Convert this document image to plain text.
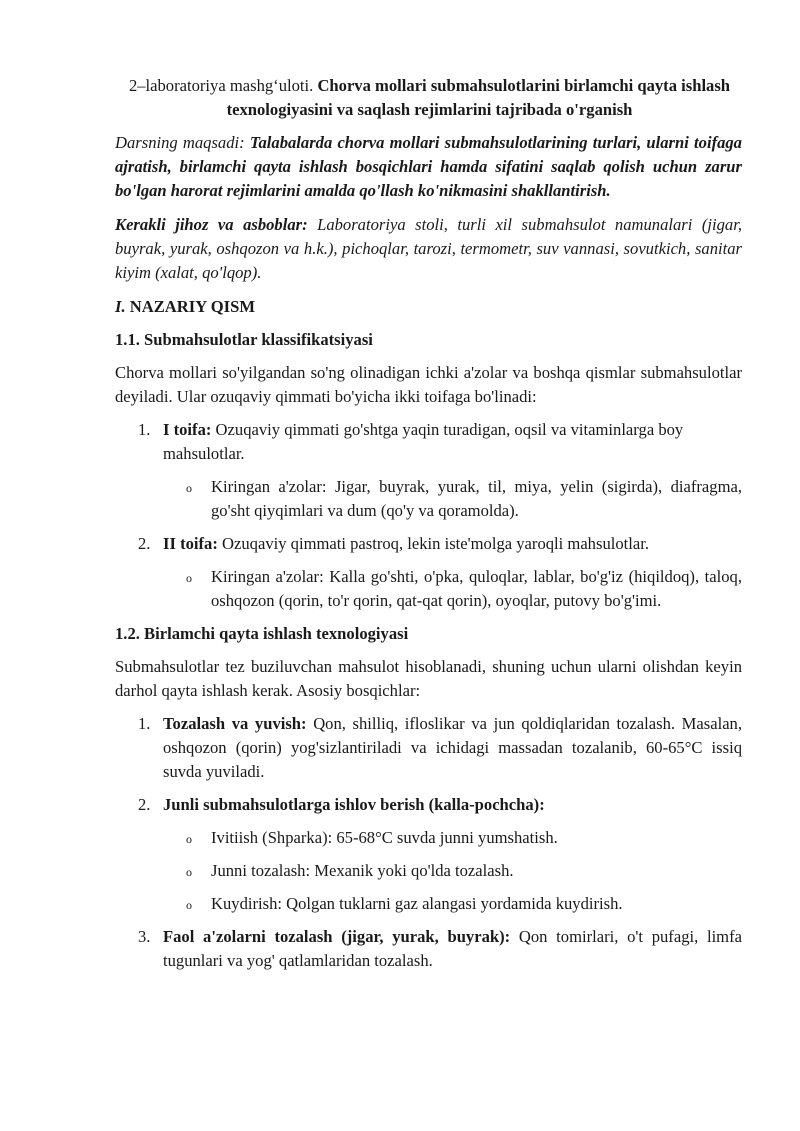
2–laboratoriya mashg‘uloti. Chorva mollari submahsulotlarini birlamchi qayta ishlash texnologiyasini va saqlash rejimlarini tajribada o'rganish

Darsning maqsadi: Talabalarda chorva mollari submahsulotlarining turlari, ularni toifaga ajratish, birlamchi qayta ishlash bosqichlari hamda sifatini saqlab qolish uchun zarur bo'lgan harorat rejimlarini amalda qo'llash ko'nikmasini shakllantirish.

Kerakli jihoz va asboblar: Laboratoriya stoli, turli xil submahsulot namunalari (jigar, buyrak, yurak, oshqozon va h.k.), pichoqlar, tarozi, termometr, suv vannasi, sovutkich, sanitar kiyim (xalat, qo'lqop).

I. NAZARIY QISM

1.1. Submahsulotlar klassifikatsiyasi

Chorva mollari so'yilgandan so'ng olinadigan ichki a'zolar va boshqa qismlar submahsulotlar deyiladi. Ular ozuqaviy qimmati bo'yicha ikki toifaga bo'linadi:

1. I toifa: Ozuqaviy qimmati go'shtga yaqin turadigan, oqsil va vitaminlarga boy mahsulotlar.
o Kiringan a'zolar: Jigar, buyrak, yurak, til, miya, yelin (sigirda), diafragma, go'sht qiyqimlari va dum (qo'y va qoramolda).
2. II toifa: Ozuqaviy qimmati pastroq, lekin iste'molga yaroqli mahsulotlar.
o Kiringan a'zolar: Kalla go'shti, o'pka, quloqlar, lablar, bo'g'iz (hiqildoq), taloq, oshqozon (qorin, to'r qorin, qat-qat qorin), oyoqlar, putovy bo'g'imi.

1.2. Birlamchi qayta ishlash texnologiyasi

Submahsulotlar tez buziluvchan mahsulot hisoblanadi, shuning uchun ularni olishdan keyin darhol qayta ishlash kerak. Asosiy bosqichlar:

1. Tozalash va yuvish: Qon, shilliq, ifloslikar va jun qoldiqlaridan tozalash. Masalan, oshqozon (qorin) yog'sizlantiriladi va ichidagi massadan tozalanib, 60-65°C issiq suvda yuviladi.
2. Junli submahsulotlarga ishlov berish (kalla-pochcha):
o Ivitiish (Shparka): 65-68°C suvda junni yumshatish.
o Junni tozalash: Mexanik yoki qo'lda tozalash.
o Kuydirish: Qolgan tuklarni gaz alangasi yordamida kuydirish.
3. Faol a'zolarni tozalash (jigar, yurak, buyrak): Qon tomirlari, o't pufagi, limfa tugunlari va yog' qatlamlaridan tozalash.
